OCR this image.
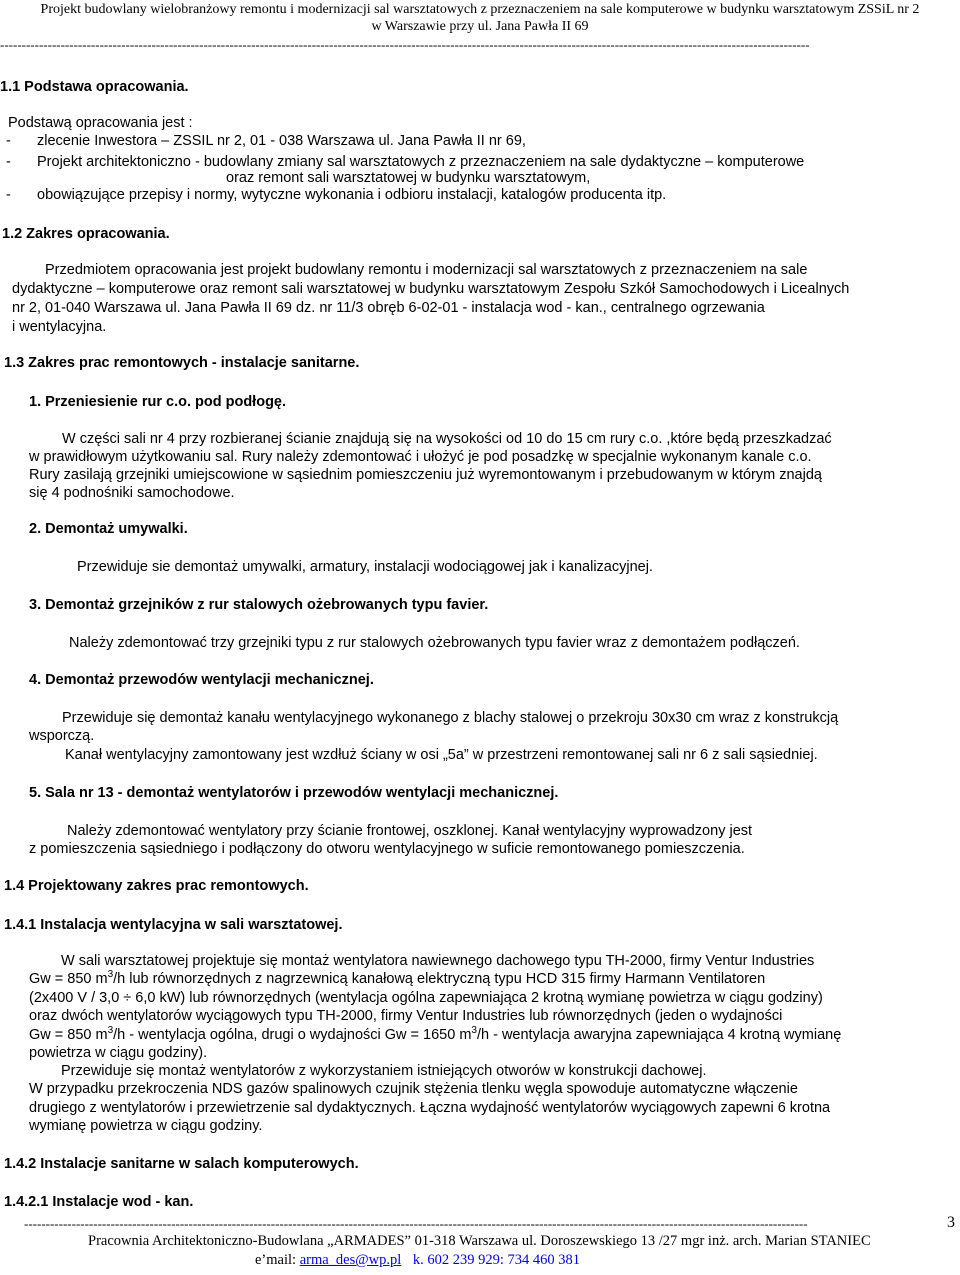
Projekt budowlany wielobranżowy remontu i modernizacji sal warsztatowych z przeznaczeniem na sale komputerowe w budynku warsztatowym ZSSiL nr 2
w Warszawie przy ul. Jana Pawła II 69
-------------------------------------------------------------------------------------------------------------------------------------------------------------------------------------------
1.1 Podstawa opracowania.
Podstawą opracowania jest :
- zlecenie Inwestora – ZSSIL nr 2, 01 - 038 Warszawa ul. Jana Pawła II nr 69,
- Projekt architektoniczno - budowlany zmiany sal warsztatowych z przeznaczeniem na sale dydaktyczne – komputerowe
oraz remont sali warsztatowej w budynku warsztatowym,
- obowiązujące przepisy i normy, wytyczne wykonania i odbioru instalacji, katalogów producenta itp.
1.2 Zakres opracowania.
Przedmiotem opracowania jest projekt budowlany remontu i modernizacji sal warsztatowych z przeznaczeniem na sale
dydaktyczne – komputerowe oraz remont sali warsztatowej w budynku warsztatowym Zespołu Szkół Samochodowych i Licealnych
nr 2, 01-040 Warszawa ul. Jana Pawła II 69 dz. nr 11/3 obręb 6-02-01 - instalacja wod - kan., centralnego ogrzewania
i wentylacyjna.
1.3 Zakres prac remontowych - instalacje sanitarne.
1. Przeniesienie rur c.o. pod podłogę.
W części sali nr 4 przy rozbieranej ścianie znajdują się na wysokości od 10 do 15 cm rury c.o. ,które będą przeszkadzać
w prawidłowym użytkowaniu sal. Rury należy zdemontować i ułożyć je pod posadzkę w specjalnie wykonanym kanale c.o.
Rury zasilają grzejniki umiejscowione w sąsiednim pomieszczeniu już wyremontowanym i przebudowanym w którym znajdą
się 4 podnośniki samochodowe.
2. Demontaż umywalki.
Przewiduje sie demontaż umywalki, armatury, instalacji wodociągowej jak i kanalizacyjnej.
3. Demontaż grzejników z rur stalowych ożebrowanych typu favier.
Należy zdemontować trzy grzejniki typu z rur stalowych ożebrowanych typu favier wraz z demontażem podłączeń.
4. Demontaż przewodów wentylacji mechanicznej.
Przewiduje się demontaż kanału wentylacyjnego wykonanego z blachy stalowej o przekroju 30x30 cm wraz z konstrukcją
wsporczą.
Kanał wentylacyjny zamontowany jest wzdłuż ściany w osi „5a” w przestrzeni remontowanej sali nr 6 z sali sąsiedniej.
5. Sala nr 13 - demontaż wentylatorów i przewodów wentylacji mechanicznej.
Należy zdemontować wentylatory przy ścianie frontowej, oszklonej. Kanał wentylacyjny wyprowadzony jest
z pomieszczenia sąsiedniego i podłączony do otworu wentylacyjnego w suficie remontowanego pomieszczenia.
1.4 Projektowany zakres prac remontowych.
1.4.1 Instalacja wentylacyjna w sali warsztatowej.
W sali warsztatowej projektuje się montaż wentylatora nawiewnego dachowego typu TH-2000, firmy Ventur Industries
Gw = 850 $m^3/h$ lub równorzędnych z nagrzewnicą kanałową elektryczną typu HCD 315 firmy Harmann Ventilatoren
(2x400 V / 3,0 ÷ 6,0 kW) lub równorzędnych (wentylacja ogólna zapewniająca 2 krotną wymianę powietrza w ciągu godziny)
oraz dwóch wentylatorów wyciągowych typu TH-2000, firmy Ventur Industries lub równorzędnych (jeden o wydajności
Gw = 850 $m^3/h$ - wentylacja ogólna, drugi o wydajności Gw = 1650 $m^3/h$ - wentylacja awaryjna zapewniająca 4 krotną wymianę
powietrza w ciągu godziny).
Przewiduje się montaż wentylatorów z wykorzystaniem istniejących otworów w konstrukcji dachowej.
W przypadku przekroczenia NDS gazów spalinowych czujnik stężenia tlenku węgla spowoduje automatyczne włączenie
drugiego z wentylatorów i przewietrzenie sal dydaktycznych. Łączna wydajność wentylatorów wyciągowych zapewni 6 krotna
wymianę powietrza w ciągu godziny.
1.4.2 Instalacje sanitarne w salach komputerowych.
1.4.2.1 Instalacje wod - kan.
-------------------------------------------------------------------------------------------------------------------------------------------------------------------------------------
Pracownia Architektoniczno-Budowlana „ARMADES” 01-318 Warszawa ul. Doroszewskiego 13 /27 mgr inż. arch. Marian STANIEC
e’mail: arma_des@wp.pl k. 602 239 929: 734 460 381
3
